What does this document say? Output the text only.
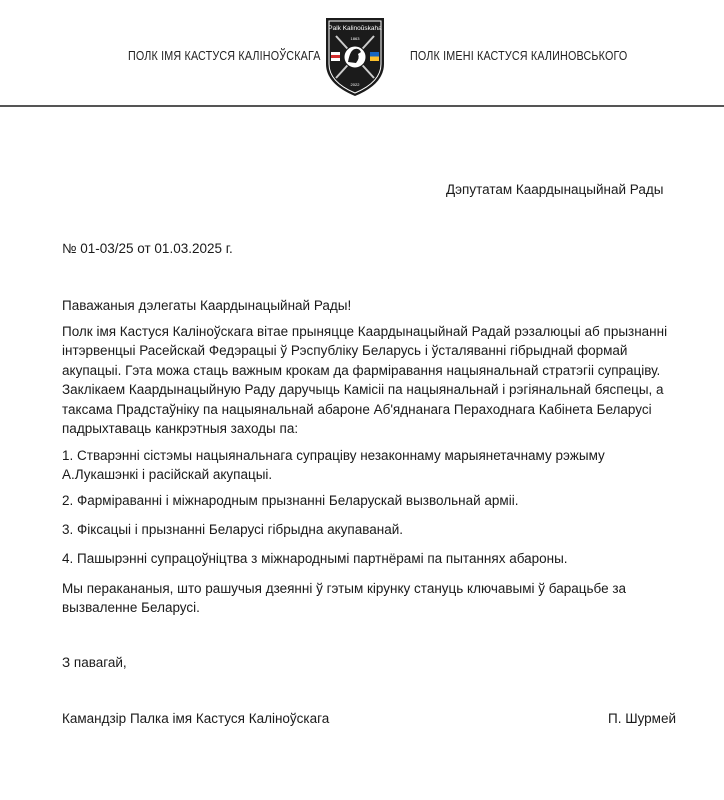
ПОЛК ІМЯ КАСТУСЯ КАЛІНОЎСКАГА
Palk Kalinoŭskaha
1863
2022
ПОЛК ІМЕНІ КАСТУСЯ КАЛИНОВСЬКОГО
Дэпутатам Каардынацыйнай Рады
№ 01-03/25 от 01.03.2025 г.
Паважаныя дэлегаты Каардынацыйнай Рады!

Полк імя Кастуся Каліноўскага вітае прыняцце Каардынацыйнай Радай рэзалюцыі аб прызнанні інтэрвенцыі Расейскай Федэрацыі ў Рэспубліку Беларусь і ўсталяванні гібрыднай формай акупацыі. Гэта можа стаць важным крокам да фарміравання нацыянальнай стратэгіі супраціву. Заклікаем Каардынацыйную Раду даручыць Камісіі па нацыянальнай і рэгіянальнай бяспецы, а таксама Прадстаўніку па нацыянальнай абароне Аб'яднанага Пераходнага Кабінета Беларусі падрыхтаваць канкрэтныя заходы па:

1. Стварэнні сістэмы нацыянальнага супраціву незаконнаму марыянетачнаму рэжыму А.Лукашэнкі і расійскай акупацыі.

2. Фарміраванні і міжнародным прызнанні Беларускай вызвольнай арміі.

3. Фіксацыі і прызнанні Беларусі гібрыдна акупаванай.

4. Пашырэнні супрацоўніцтва з міжнароднымі партнёрамі па пытаннях абароны.

Мы перакананыя, што рашучыя дзеянні ў гэтым кірунку стануць ключавымі ў барацьбе за вызваленне Беларусі.

З павагай,
Камандзір Палка імя Кастуся Каліноўскага	П. Шурмей
